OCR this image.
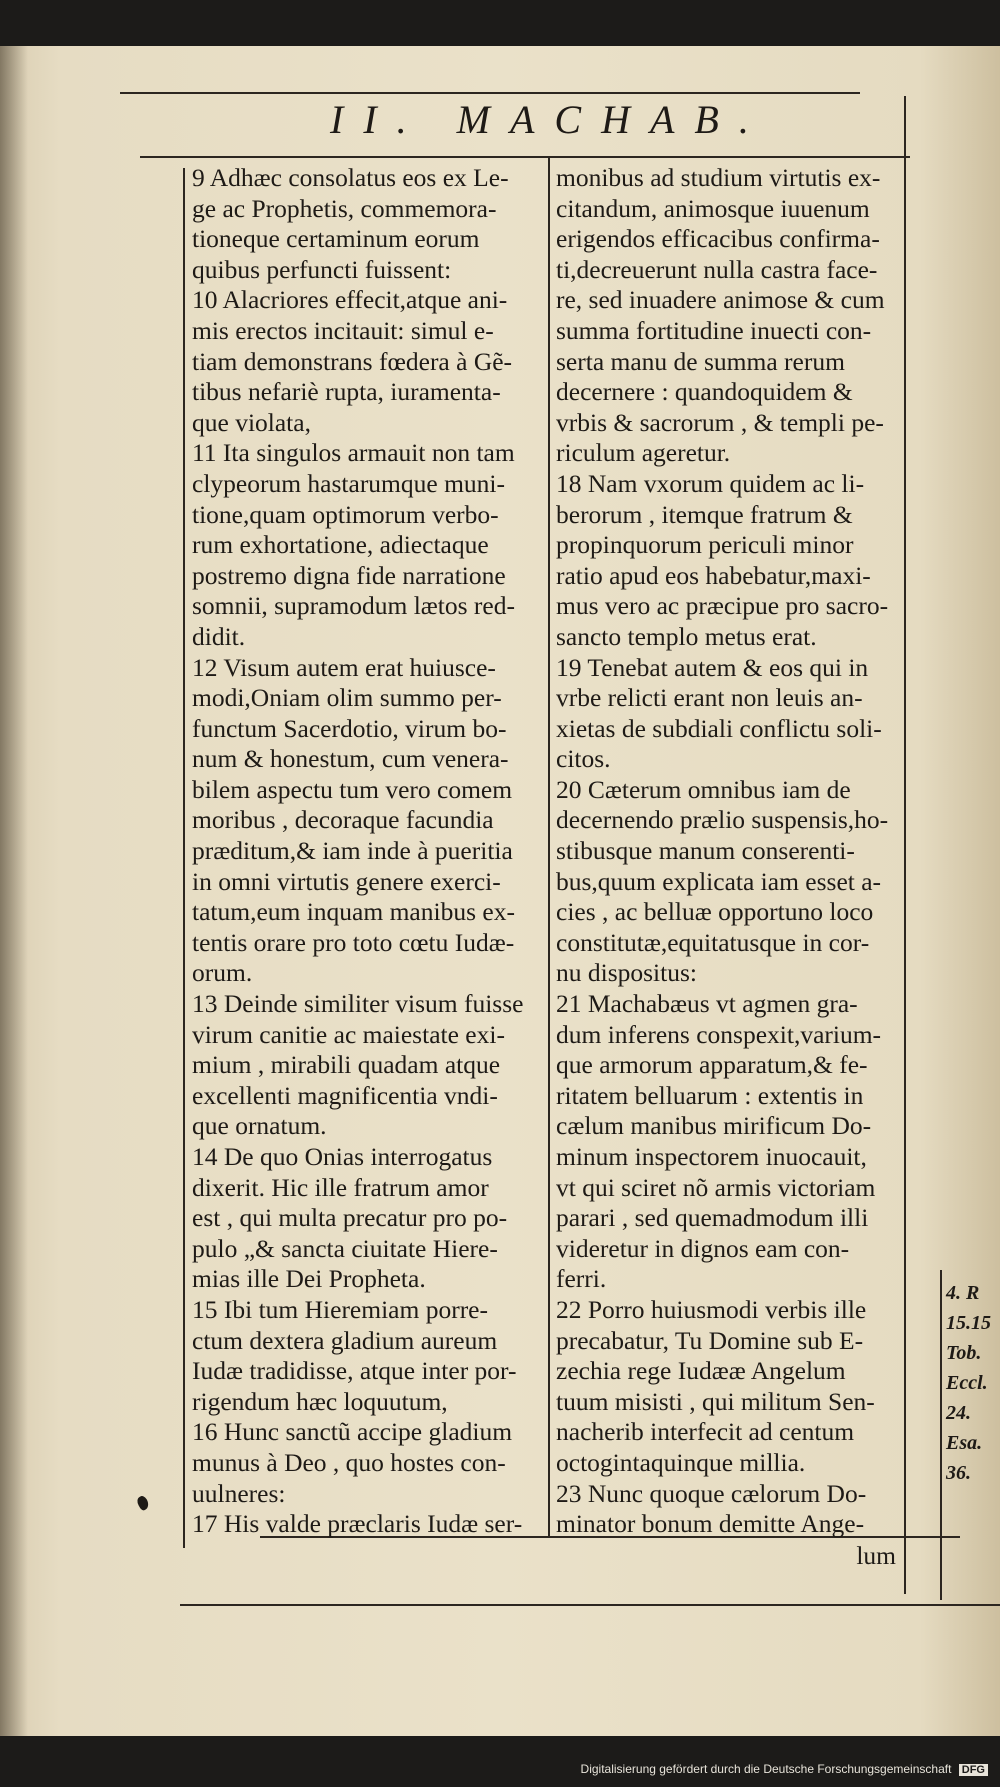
II. MACHAB.
9 Adhæc consolatus eos ex Le-
ge ac Prophetis, commemora-
tioneque certaminum eorum
quibus perfuncti fuissent:
10 Alacriores effecit,atque ani-
mis erectos incitauit: simul e-
tiam demonstrans fœdera à Gẽ-
tibus nefariè rupta, iuramenta-
que violata,
11 Ita singulos armauit non tam
clypeorum hastarumque muni-
tione,quam optimorum verbo-
rum exhortatione, adiectaque
postremo digna fide narratione
somnii, supramodum lætos red-
didit.
12 Visum autem erat huiusce-
modi,Oniam olim summo per-
functum Sacerdotio, virum bo-
num & honestum, cum venera-
bilem aspectu tum vero comem
moribus , decoraque facundia
præditum,& iam inde à pueritia
in omni virtutis genere exerci-
tatum,eum inquam manibus ex-
tentis orare pro toto cœtu Iudæ-
orum.
13 Deinde similiter visum fuisse
virum canitie ac maiestate exi-
mium , mirabili quadam atque
excellenti magnificentia vndi-
que ornatum.
14 De quo Onias interrogatus
dixerit. Hic ille fratrum amor
est , qui multa precatur pro po-
pulo „& sancta ciuitate Hiere-
mias ille Dei Propheta.
15 Ibi tum Hieremiam porre-
ctum dextera gladium aureum
Iudæ tradidisse, atque inter por-
rigendum hæc loquutum,
16 Hunc sanctũ accipe gladium
munus à Deo , quo hostes con-
uulneres:
17 His valde præclaris Iudæ ser-
monibus ad studium virtutis ex-
citandum, animosque iuuenum
erigendos efficacibus confirma-
ti,decreuerunt nulla castra face-
re, sed inuadere animose & cum
summa fortitudine inuecti con-
serta manu de summa rerum
decernere : quandoquidem &
vrbis & sacrorum , & templi pe-
riculum ageretur.
18 Nam vxorum quidem ac li-
berorum , itemque fratrum &
propinquorum periculi minor
ratio apud eos habebatur,maxi-
mus vero ac præcipue pro sacro-
sancto templo metus erat.
19 Tenebat autem & eos qui in
vrbe relicti erant non leuis an-
xietas de subdiali conflictu soli-
citos.
20 Cæterum omnibus iam de
decernendo prælio suspensis,ho-
stibusque manum conserenti-
bus,quum explicata iam esset a-
cies , ac belluæ opportuno loco
constitutæ,equitatusque in cor-
nu dispositus:
21 Machabæus vt agmen gra-
dum inferens conspexit,varium-
que armorum apparatum,& fe-
ritatem belluarum : extentis in
cælum manibus mirificum Do-
minum inspectorem inuocauit,
vt qui sciret nõ armis victoriam
parari , sed quemadmodum illi
videretur in dignos eam con-
ferri.
22 Porro huiusmodi verbis ille
precabatur, Tu Domine sub E-
zechia rege Iudææ Angelum
tuum misisti , qui militum Sen-
nacherib interfecit ad centum
octogintaquinque millia.
23 Nunc quoque cælorum Do-
minator bonum demitte Ange-
lum
4. R
15.15
Tob.
Eccl.
24.
Esa.
36.
Digitalisierung gefördert durch die Deutsche Forschungsgemeinschaft DFG
